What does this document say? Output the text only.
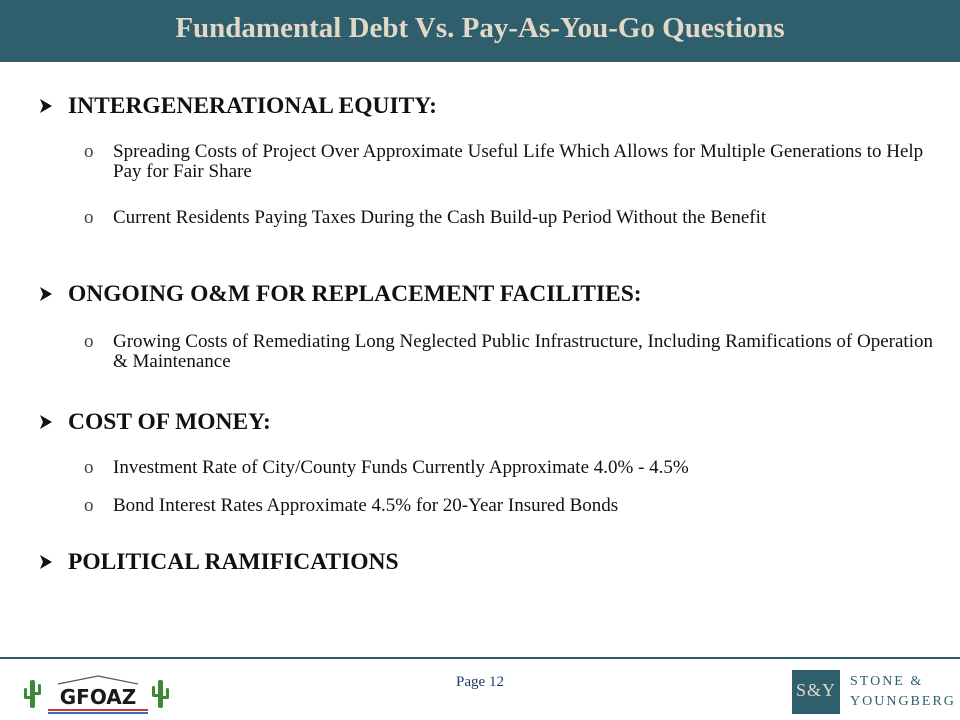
Fundamental Debt Vs. Pay-As-You-Go Questions
INTERGENERATIONAL EQUITY:
o Spreading Costs of Project Over Approximate Useful Life Which Allows for Multiple Generations to Help Pay for Fair Share
o Current Residents Paying Taxes During the Cash Build-up Period Without the Benefit
ONGOING O&M FOR REPLACEMENT FACILITIES:
o Growing Costs of Remediating Long Neglected Public Infrastructure, Including Ramifications of Operation & Maintenance
COST OF MONEY:
o Investment Rate of City/County Funds Currently Approximate 4.0% - 4.5%
o Bond Interest Rates Approximate 4.5% for 20-Year Insured Bonds
POLITICAL RAMIFICATIONS
GFOAZ
Page 12	S&Y STONE &
YOUNGBERG
